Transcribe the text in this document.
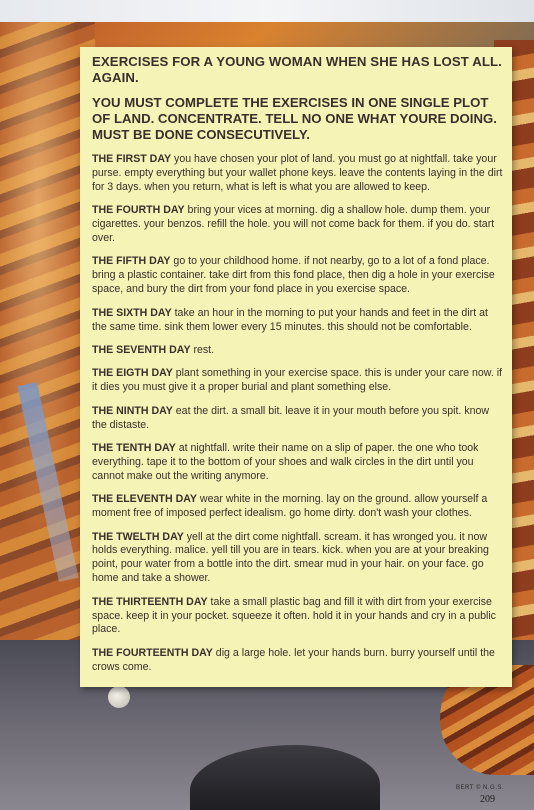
EXERCISES FOR A YOUNG WOMAN WHEN SHE HAS LOST ALL. AGAIN.
YOU MUST COMPLETE THE EXERCISES IN ONE SINGLE PLOT OF LAND. CONCENTRATE. TELL NO ONE WHAT YOURE DOING. MUST BE DONE CONSECUTIVELY.
THE FIRST DAY you have chosen your plot of land. you must go at nightfall. take your purse. empty everything but your wallet phone keys. leave the contents laying in the dirt for 3 days. when you return, what is left is what you are allowed to keep.
THE FOURTH DAY bring your vices at morning. dig a shallow hole. dump them. your cigarettes. your benzos. refill the hole. you will not come back for them. if you do. start over.
THE FIFTH DAY go to your childhood home. if not nearby, go to a lot of a fond place. bring a plastic container. take dirt from this fond place, then dig a hole in your exercise space, and bury the dirt from your fond place in you exercise space.
THE SIXTH DAY take an hour in the morning to put your hands and feet in the dirt at the same time. sink them lower every 15 minutes. this should not be comfortable.
THE SEVENTH DAY rest.
THE EIGTH DAY plant something in your exercise space. this is under your care now. if it dies you must give it a proper burial and plant something else.
THE NINTH DAY eat the dirt. a small bit. leave it in your mouth before you spit. know the distaste.
THE TENTH DAY at nightfall. write their name on a slip of paper. the one who took everything. tape it to the bottom of your shoes and walk circles in the dirt until you cannot make out the writing anymore.
THE ELEVENTH DAY wear white in the morning. lay on the ground. allow yourself a moment free of imposed perfect idealism. go home dirty. don't wash your clothes.
THE TWELTH DAY yell at the dirt come nightfall. scream. it has wronged you. it now holds everything. malice. yell till you are in tears. kick. when you are at your breaking point, pour water from a bottle into the dirt. smear mud in your hair. on your face. go home and take a shower.
THE THIRTEENTH DAY take a small plastic bag and fill it with dirt from your exercise space. keep it in your pocket. squeeze it often. hold it in your hands and cry in a public place.
THE FOURTEENTH DAY dig a large hole. let your hands burn. burry yourself until the crows come.
BERT © N.G.S.
209
